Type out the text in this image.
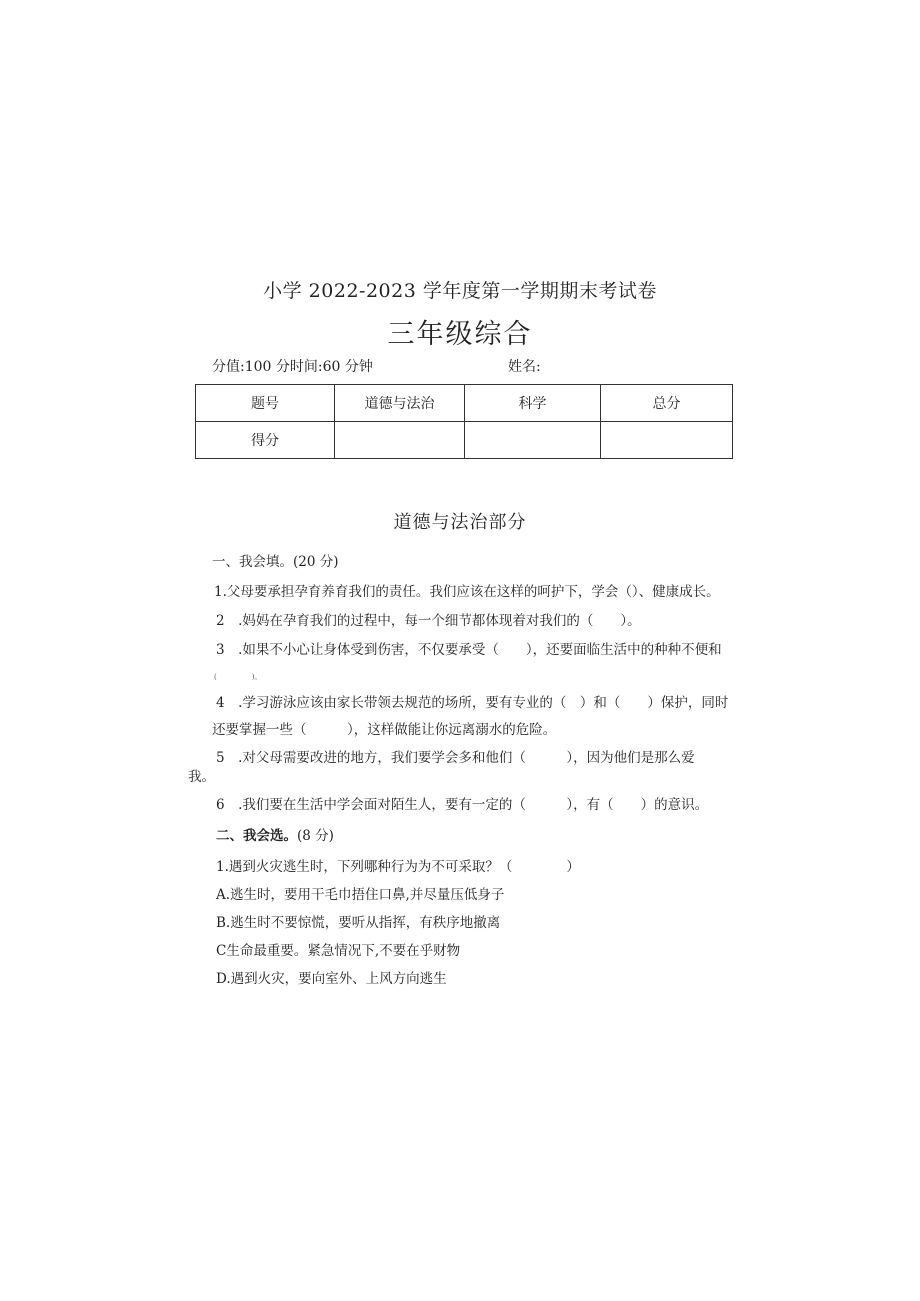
小学 2022-2023 学年度第一学期期末考试卷
三年级综合
分值:100 分时间:60 分钟	姓名:
题号	道德与法治	科学	总分
得分			
道德与法治部分
一、我会填。(20 分)
1.父母要承担孕育养育我们的责任。我们应该在这样的呵护下，学会（）、健康成长。
2　.妈妈在孕育我们的过程中，每一个细节都体现着对我们的（　　）。
3　.如果不小心让身体受到伤害，不仅要承受（　　），还要面临生活中的种种不便和
(　　　　　)。
4　.学习游泳应该由家长带领去规范的场所，要有专业的（　）和（　　）保护，同时
还要掌握一些（　　　），这样做能让你远离溺水的危险。
5　.对父母需要改进的地方，我们要学会多和他们（　　　），因为他们是那么爱
我。
6　.我们要在生活中学会面对陌生人，要有一定的（　　　），有（　　）的意识。
二、我会选。(8 分)
1.遇到火灾逃生时，下列哪种行为为不可采取？（　　　　）
A.逃生时，要用干毛巾捂住口鼻,并尽量压低身子
B.逃生时不要惊慌，要听从指挥，有秩序地撤离
C生命最重要。紧急情况下,不要在乎财物
D.遇到火灾，要向室外、上风方向逃生
